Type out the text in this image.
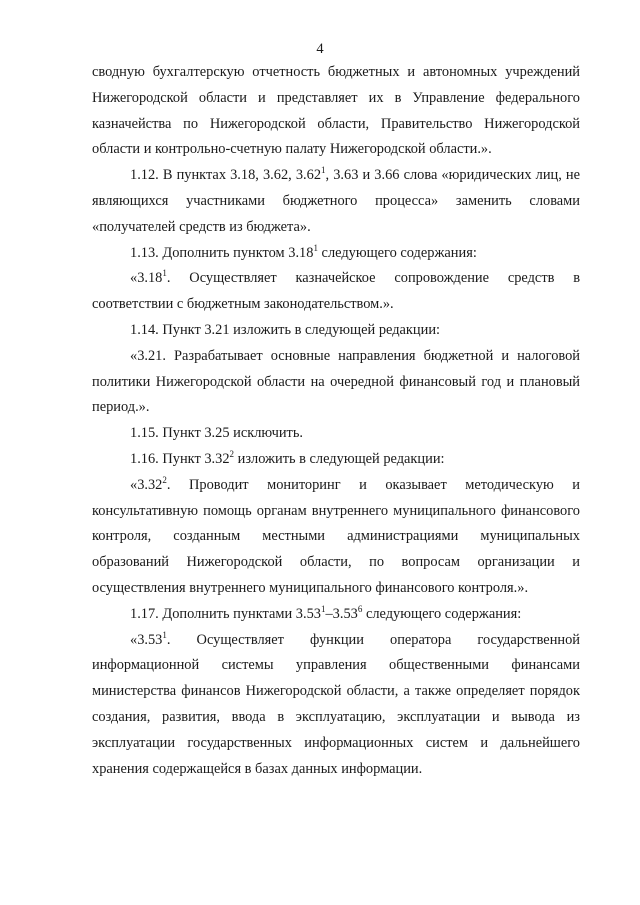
4

сводную бухгалтерскую отчетность бюджетных и автономных учреждений Нижегородской области и представляет их в Управление федерального казначейства по Нижегородской области, Правительство Нижегородской области и контрольно-счетную палату Нижегородской области.».

1.12. В пунктах 3.18, 3.62, 3.62$^1$, 3.63 и 3.66 слова «юридических лиц, не являющихся участниками бюджетного процесса» заменить словами «получателей средств из бюджета».

1.13. Дополнить пунктом 3.18$^1$ следующего содержания:

«3.18$^1$. Осуществляет казначейское сопровождение средств в соответствии с бюджетным законодательством.».

1.14. Пункт 3.21 изложить в следующей редакции:

«3.21. Разрабатывает основные направления бюджетной и налоговой политики Нижегородской области на очередной финансовый год и плановый период.».

1.15. Пункт 3.25 исключить.

1.16. Пункт 3.32$^2$ изложить в следующей редакции:

«3.32$^2$. Проводит мониторинг и оказывает методическую и консультативную помощь органам внутреннего муниципального финансового контроля, созданным местными администрациями муниципальных образований Нижегородской области, по вопросам организации и осуществления внутреннего муниципального финансового контроля.».

1.17. Дополнить пунктами 3.53$^1$–3.53$^6$ следующего содержания:

«3.53$^1$. Осуществляет функции оператора государственной информационной системы управления общественными финансами министерства финансов Нижегородской области, а также определяет порядок создания, развития, ввода в эксплуатацию, эксплуатации и вывода из эксплуатации государственных информационных систем и дальнейшего хранения содержащейся в базах данных информации.
